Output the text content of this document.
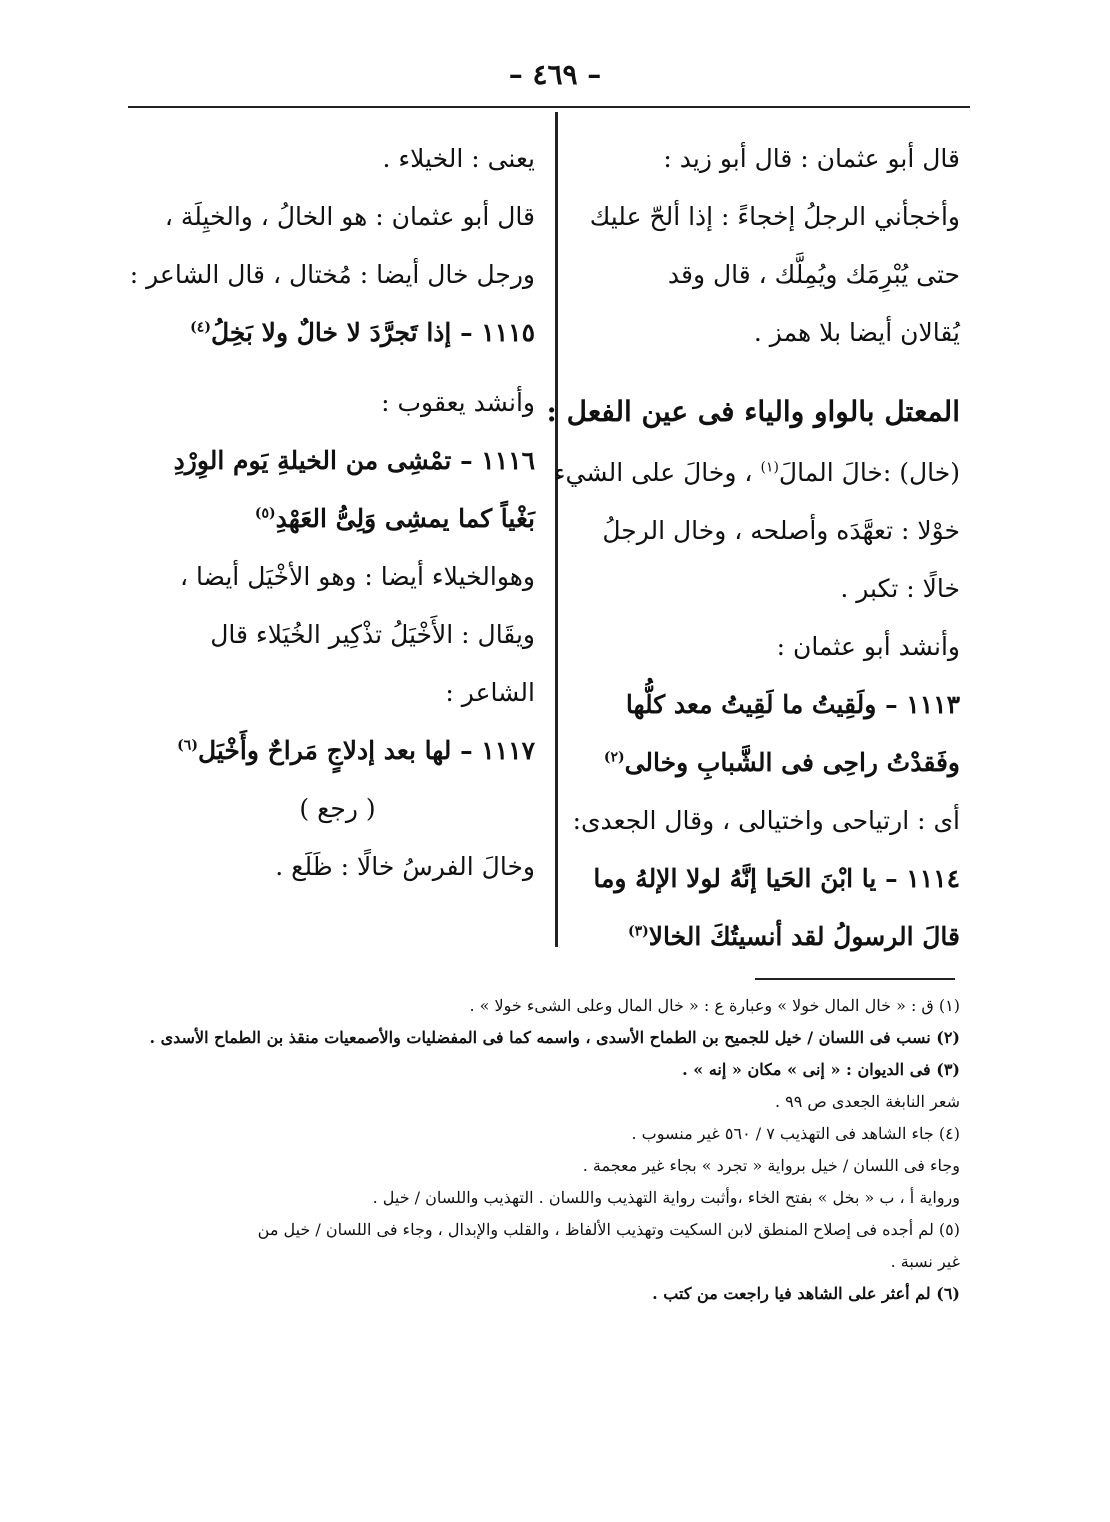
– ٤٦٩ –

قال أبو عثمان : قال أبو زيد :

وأخجأني الرجلُ إخجاءً : إذا ألحّ عليك

حتى يُبْرِمَك ويُمِلَّك ، قال وقد

يُقالان أيضا بلا همز .

المعتل بالواو والياء فى عين الفعل :

(خال) :خالَ المالَ$^{(١)}$ ، وخالَ على الشيء

خوْلا : تعهَّدَه وأصلحه ، وخال الرجلُ

خالًا : تكبر .

وأنشد أبو عثمان :

١١١٣ – ولَقِيتُ ما لَقِيتُ معد كلُّها

وفَقدْتُ راحِى فى الشَّبابِ وخالى$^{(٢)}$

أى : ارتياحى واختيالى ، وقال الجعدى:

١١١٤ – يا ابْنَ الحَيا إنَّهُ لولا الإلهُ وما

قالَ الرسولُ لقد أنسيتُكَ الخالا$^{(٣)}$

يعنى : الخيلاء .

قال أبو عثمان : هو الخالُ ، والخيِلَة ،

ورجل خال أيضا : مُختال ، قال الشاعر :

١١١٥ – إذا تَجرَّدَ لا خالٌ ولا بَخِلُ$^{(٤)}$

وأنشد يعقوب :

١١١٦ – تمْشِى من الخيلةِ يَوم الوِرْدِ

بَغْياً كما يمشِى وَلِىُّ العَهْدِ$^{(٥)}$

وهوالخيلاء أيضا : وهو الأخْيَل أيضا ،

ويقَال : الأَخْيَلُ تذْكِير الخُيَلاء قال

الشاعر :

١١١٧ – لها بعد إدلاجٍ مَراحٌ وأَخْيَل$^{(٦)}$

( رجع )

وخالَ الفرسُ خالًا : ظَلَع .

(١) ق : « خال المال خولا » وعبارة ع : « خال المال وعلى الشىء خولا » .

(٢) نسب فى اللسان / خيل للجميح بن الطماح الأسدى ، واسمه كما فى المفضليات والأصمعيات منقذ بن الطماح الأسدى .

(٣) فى الديوان : « إنى » مكان « إنه » .

شعر النابغة الجعدى ص ٩٩ .

(٤) جاء الشاهد فى التهذيب ٧ / ٥٦٠ غير منسوب .

وجاء فى اللسان / خيل برواية « تجرد » بجاء غير معجمة .

ورواية أ ، ب « بخل » بفتح الخاء ،وأثبت رواية التهذيب واللسان . التهذيب واللسان / خيل .

(٥) لم أجده فى إصلاح المنطق لابن السكيت وتهذيب الألفاظ ، والقلب والإبدال ، وجاء فى اللسان / خيل من

غير نسبة .

(٦) لم أعثر على الشاهد فيا راجعت من كتب .
